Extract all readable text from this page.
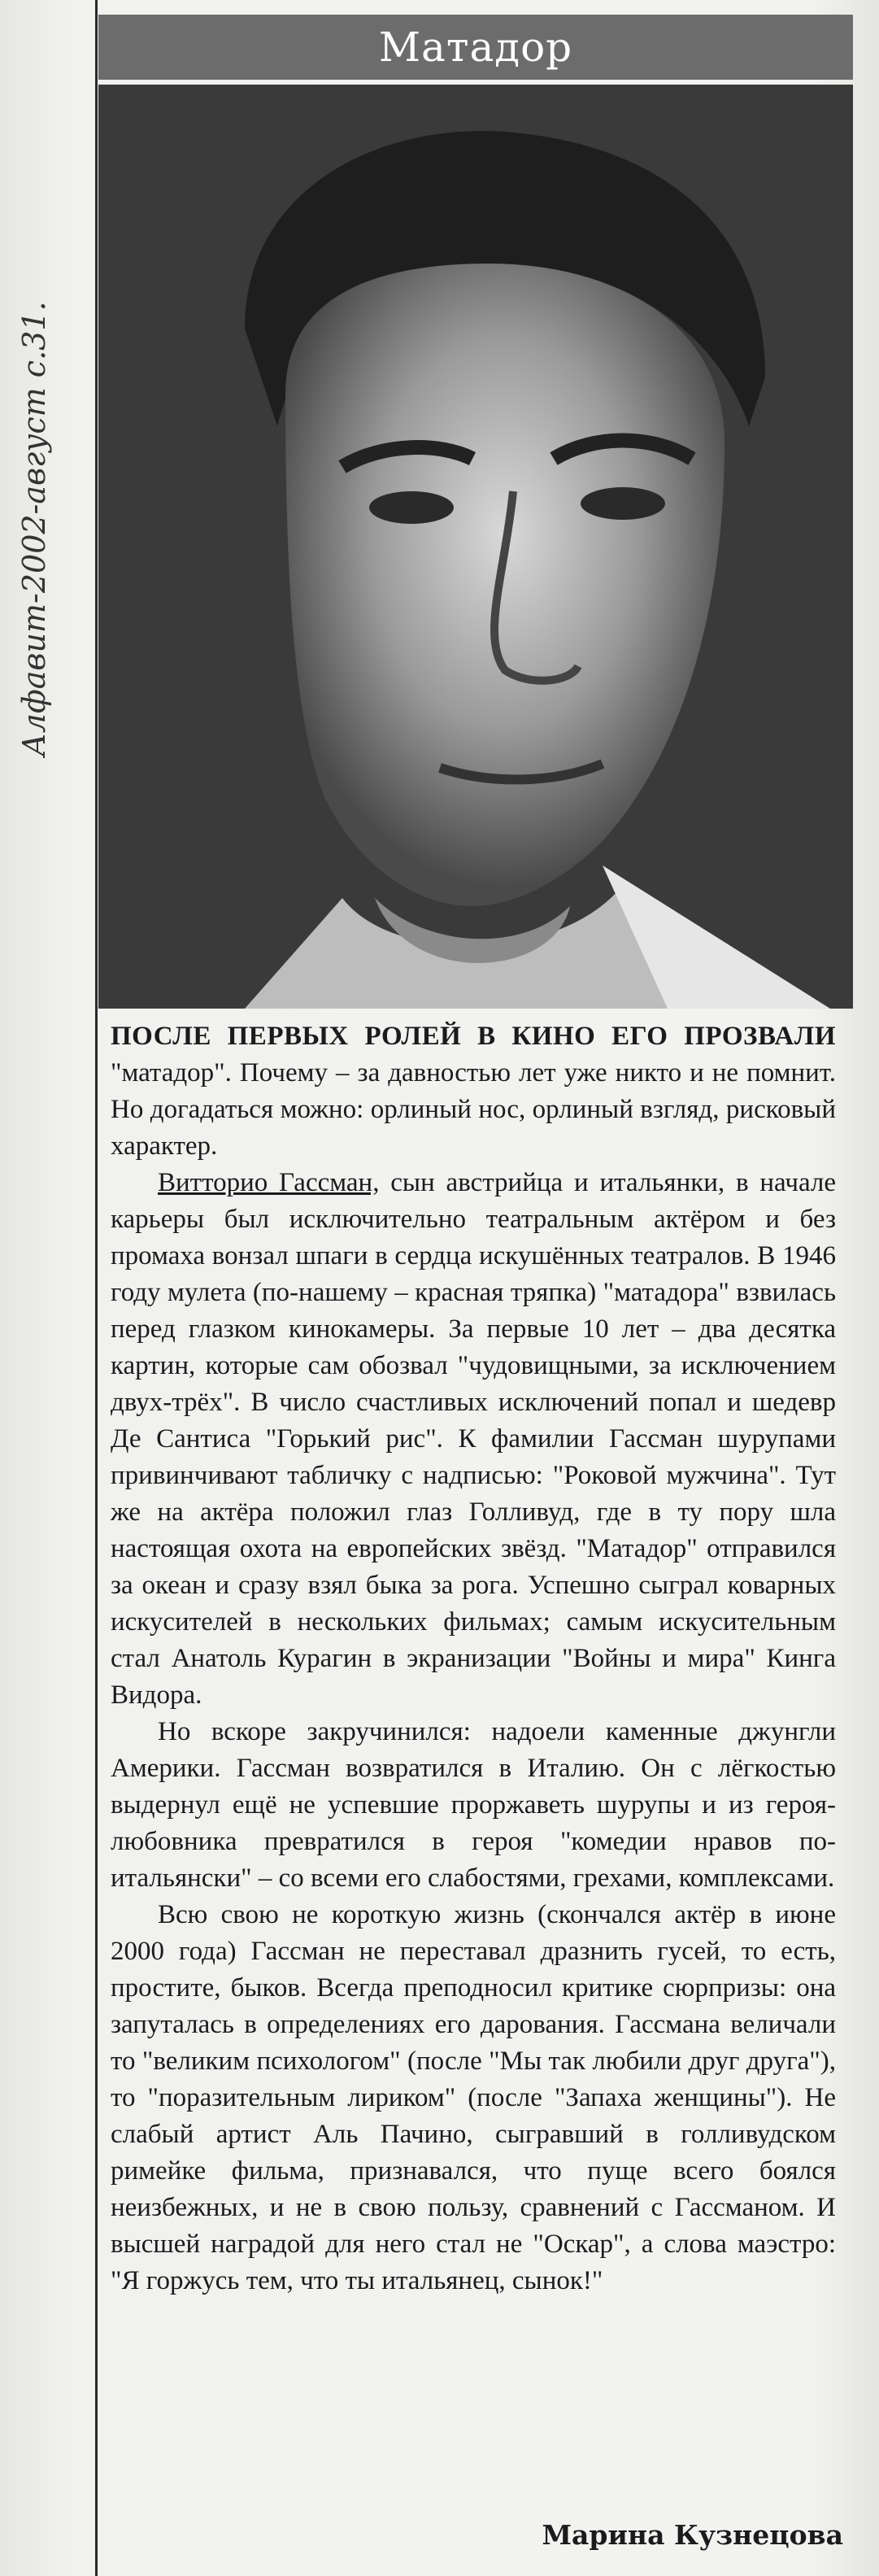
Матадор
Алфавит-2002-август с.31.

ПОСЛЕ ПЕРВЫХ РОЛЕЙ В КИНО ЕГО ПРОЗВАЛИ "матадор". Почему – за давностью лет уже никто и не помнит. Но догадаться можно: орлиный нос, орлиный взгляд, рисковый характер.

Витторио Гассман, сын австрийца и итальянки, в начале карьеры был исключительно театральным актёром и без промаха вонзал шпаги в сердца искушённых театралов. В 1946 году мулета (по-нашему – красная тряпка) "матадора" взвилась перед глазком кинокамеры. За первые 10 лет – два десятка картин, которые сам обозвал "чудовищными, за исключением двух-трёх". В число счастливых исключений попал и шедевр Де Сантиса "Горький рис". К фамилии Гассман шурупами привинчивают табличку с надписью: "Роковой мужчина". Тут же на актёра положил глаз Голливуд, где в ту пору шла настоящая охота на европейских звёзд. "Матадор" отправился за океан и сразу взял быка за рога. Успешно сыграл коварных искусителей в нескольких фильмах; самым искусительным стал Анатоль Курагин в экранизации "Войны и мира" Кинга Видора.

Но вскоре закручинился: надоели каменные джунгли Америки. Гассман возвратился в Италию. Он с лёгкостью выдернул ещё не успевшие проржаветь шурупы и из героя-любовника превратился в героя "комедии нравов по-итальянски" – со всеми его слабостями, грехами, комплексами.

Всю свою не короткую жизнь (скончался актёр в июне 2000 года) Гассман не переставал дразнить гусей, то есть, простите, быков. Всегда преподносил критике сюрпризы: она запуталась в определениях его дарования. Гассмана величали то "великим психологом" (после "Мы так любили друг друга"), то "поразительным лириком" (после "Запаха женщины"). Не слабый артист Аль Пачино, сыгравший в голливудском римейке фильма, признавался, что пуще всего боялся неизбежных, и не в свою пользу, сравнений с Гассманом. И высшей наградой для него стал не "Оскар", а слова маэстро: "Я горжусь тем, что ты итальянец, сынок!"

Марина Кузнецова
